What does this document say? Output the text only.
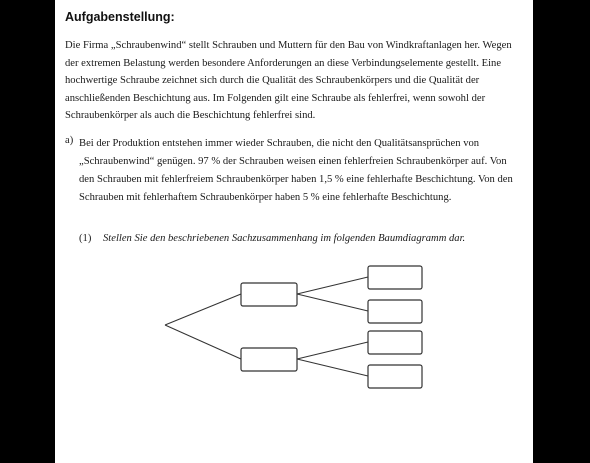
Aufgabenstellung:

Die Firma „Schraubenwind“ stellt Schrauben und Muttern für den Bau von Windkraftanlagen her. Wegen der extremen Belastung werden besondere Anforderungen an diese Verbindungselemente gestellt. Eine hochwertige Schraube zeichnet sich durch die Qualität des Schraubenkörpers und die Qualität der anschließenden Beschichtung aus. Im Folgenden gilt eine Schraube als fehlerfrei, wenn sowohl der Schraubenkörper als auch die Beschichtung fehlerfrei sind.

a) Bei der Produktion entstehen immer wieder Schrauben, die nicht den Qualitätsansprüchen von „Schraubenwind“ genügen. 97 % der Schrauben weisen einen fehlerfreien Schraubenkörper auf. Von den Schrauben mit fehlerfreiem Schraubenkörper haben 1,5 % eine fehlerhafte Beschichtung. Von den Schrauben mit fehlerhaftem Schraubenkörper haben 5 % eine fehlerhafte Beschichtung.

(1) Stellen Sie den beschriebenen Sachzusammenhang im folgenden Baumdiagramm dar.
